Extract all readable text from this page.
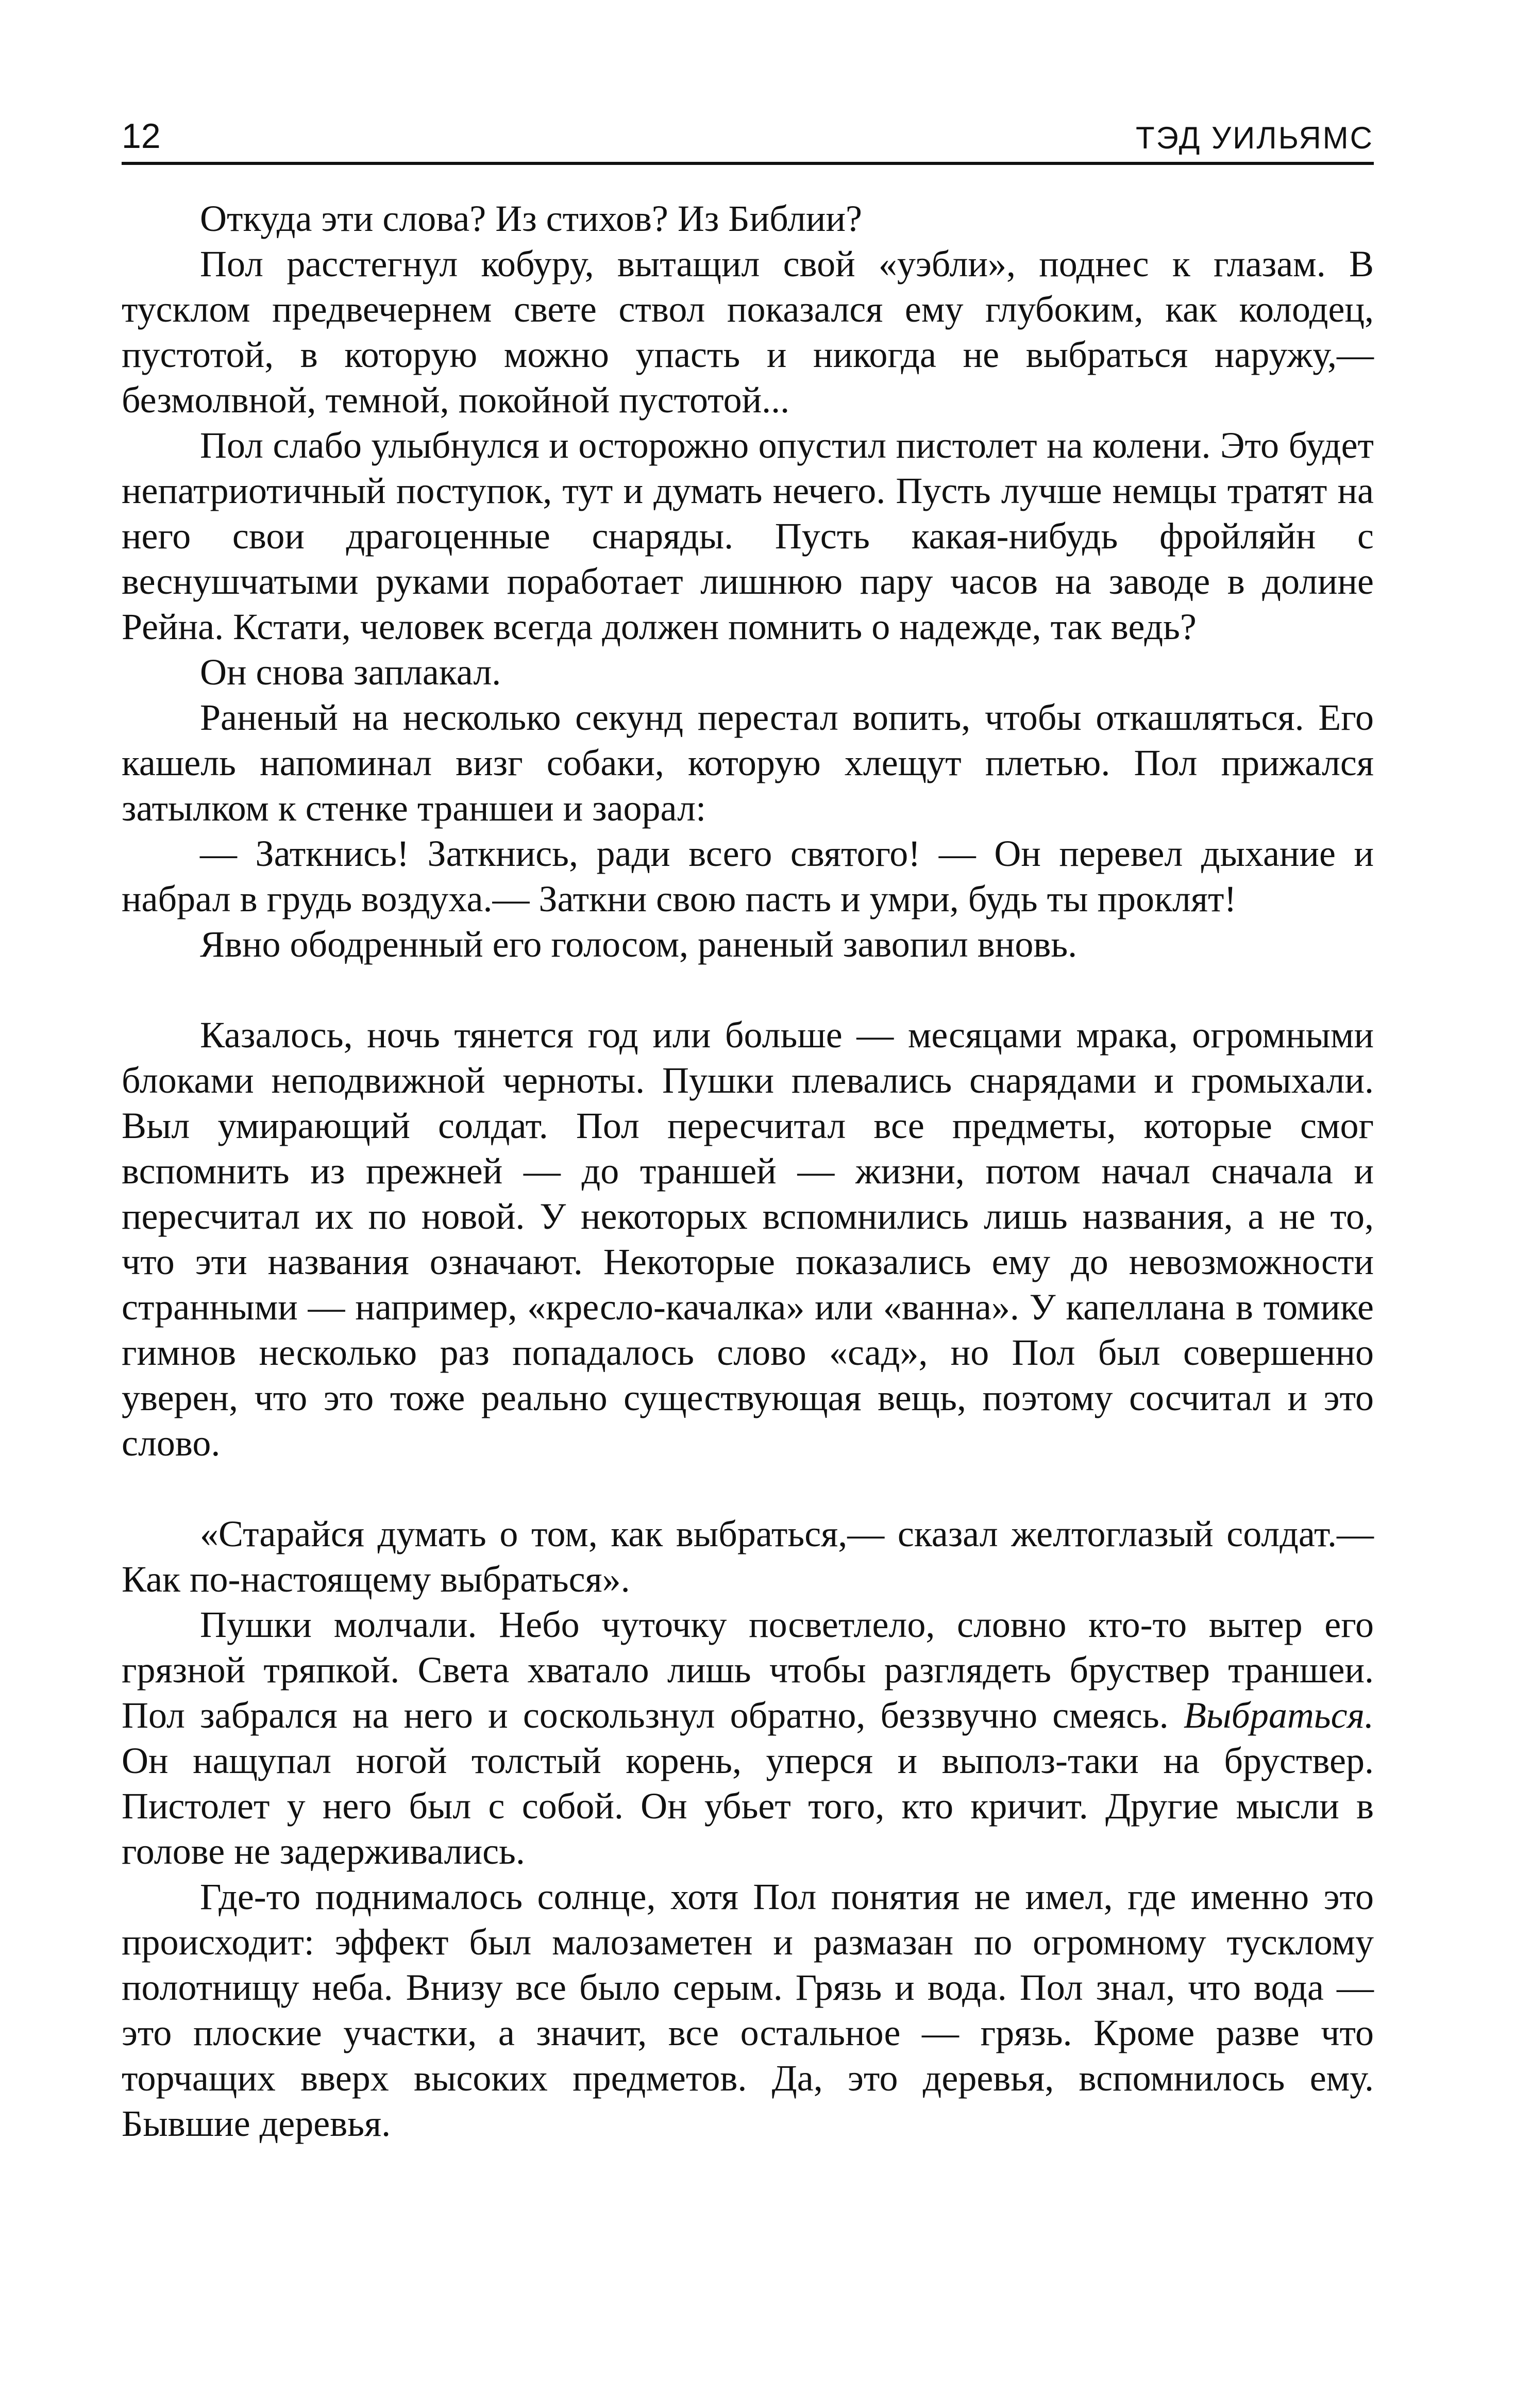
12	ТЭД УИЛЬЯМС

Откуда эти слова? Из стихов? Из Библии?

Пол расстегнул кобуру, вытащил свой «уэбли», поднес к глазам. В тусклом предвечернем свете ствол показался ему глубоким, как колодец, пустотой, в которую можно упасть и никогда не выбраться наружу,— безмолвной, темной, покойной пустотой...

Пол слабо улыбнулся и осторожно опустил пистолет на колени. Это будет непатриотичный поступок, тут и думать нечего. Пусть лучше немцы тратят на него свои драгоценные снаряды. Пусть какая-нибудь фройляйн с веснушчатыми руками поработает лишнюю пару часов на заводе в долине Рейна. Кстати, человек всегда должен помнить о надежде, так ведь?

Он снова заплакал.

Раненый на несколько секунд перестал вопить, чтобы откашляться. Его кашель напоминал визг собаки, которую хлещут плетью. Пол прижался затылком к стенке траншеи и заорал:

— Заткнись! Заткнись, ради всего святого! — Он перевел дыхание и набрал в грудь воздуха.— Заткни свою пасть и умри, будь ты проклят!

Явно ободренный его голосом, раненый завопил вновь.

Казалось, ночь тянется год или больше — месяцами мрака, огромными блоками неподвижной черноты. Пушки плевались снарядами и громыхали. Выл умирающий солдат. Пол пересчитал все предметы, которые смог вспомнить из прежней — до траншей — жизни, потом начал сначала и пересчитал их по новой. У некоторых вспомнились лишь названия, а не то, что эти названия означают. Некоторые показались ему до невозможности странными — например, «кресло-качалка» или «ванна». У капеллана в томике гимнов несколько раз попадалось слово «сад», но Пол был совершенно уверен, что это тоже реально существующая вещь, поэтому сосчитал и это слово.

«Старайся думать о том, как выбраться,— сказал желтоглазый солдат.— Как по-настоящему выбраться».

Пушки молчали. Небо чуточку посветлело, словно кто-то вытер его грязной тряпкой. Света хватало лишь чтобы разглядеть бруствер траншеи. Пол забрался на него и соскользнул обратно, беззвучно смеясь. Выбраться. Он нащупал ногой толстый корень, уперся и выполз-таки на бруствер. Пистолет у него был с собой. Он убьет того, кто кричит. Другие мысли в голове не задерживались.

Где-то поднималось солнце, хотя Пол понятия не имел, где именно это происходит: эффект был малозаметен и размазан по огромному тусклому полотнищу неба. Внизу все было серым. Грязь и вода. Пол знал, что вода — это плоские участки, а значит, все остальное — грязь. Кроме разве что торчащих вверх высоких предметов. Да, это деревья, вспомнилось ему. Бывшие деревья.
